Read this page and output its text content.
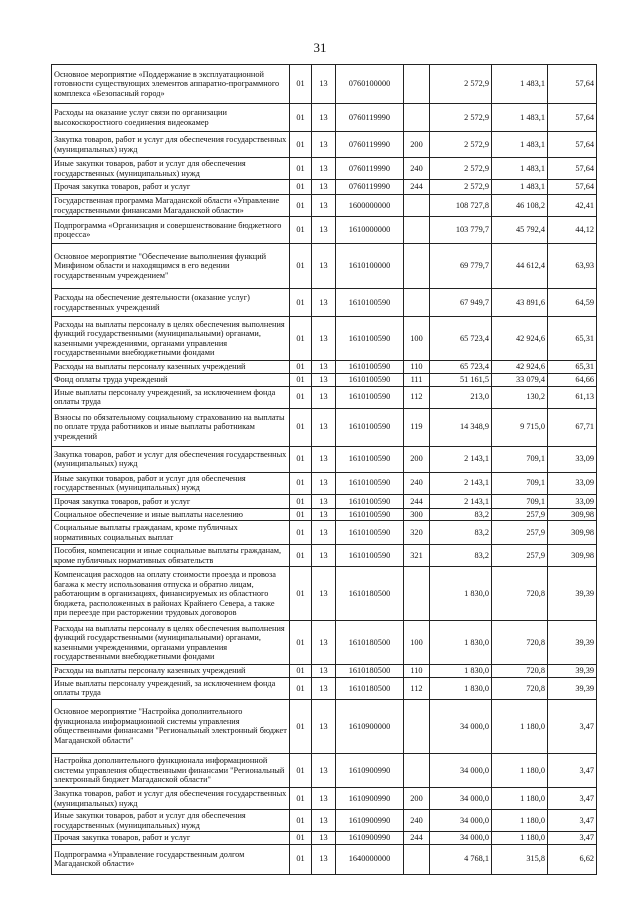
31
Основное мероприятие «Поддержание в эксплуатационной готовности существующих элементов аппаратно-программного комплекса «Безопасный город»	01	13	0760100000		2 572,9	1 483,1	57,64
Расходы на оказание услуг связи по организации высокоскоростного соединения видеокамер	01	13	0760119990		2 572,9	1 483,1	57,64
Закупка товаров, работ и услуг для обеспечения государственных (муниципальных) нужд	01	13	0760119990	200	2 572,9	1 483,1	57,64
Иные закупки товаров, работ и услуг для обеспечения государственных (муниципальных) нужд	01	13	0760119990	240	2 572,9	1 483,1	57,64
Прочая закупка товаров, работ и услуг	01	13	0760119990	244	2 572,9	1 483,1	57,64
Государственная программа Магаданской области «Управление государственными финансами Магаданской области»	01	13	1600000000		108 727,8	46 108,2	42,41
Подпрограмма «Организация и совершенствование бюджетного процесса»	01	13	1610000000		103 779,7	45 792,4	44,12
Основное мероприятие "Обеспечение выполнения функций Минфином области и находящимся в его ведении государственным учреждением"	01	13	1610100000		69 779,7	44 612,4	63,93
Расходы на обеспечение деятельности (оказание услуг) государственных учреждений	01	13	1610100590		67 949,7	43 891,6	64,59
Расходы на выплаты персоналу в целях обеспечения выполнения функций государственными (муниципальными) органами, казенными учреждениями, органами управления государственными внебюджетными фондами	01	13	1610100590	100	65 723,4	42 924,6	65,31
Расходы на выплаты персоналу казенных учреждений	01	13	1610100590	110	65 723,4	42 924,6	65,31
Фонд оплаты труда учреждений	01	13	1610100590	111	51 161,5	33 079,4	64,66
Иные выплаты персоналу учреждений, за исключением фонда оплаты труда	01	13	1610100590	112	213,0	130,2	61,13
Взносы по обязательному социальному страхованию на выплаты по оплате труда работников и иные выплаты работникам учреждений	01	13	1610100590	119	14 348,9	9 715,0	67,71
Закупка товаров, работ и услуг для обеспечения государственных (муниципальных) нужд	01	13	1610100590	200	2 143,1	709,1	33,09
Иные закупки товаров, работ и услуг для обеспечения государственных (муниципальных) нужд	01	13	1610100590	240	2 143,1	709,1	33,09
Прочая закупка товаров, работ и услуг	01	13	1610100590	244	2 143,1	709,1	33,09
Социальное обеспечение и иные выплаты населению	01	13	1610100590	300	83,2	257,9	309,98
Социальные выплаты гражданам, кроме публичных нормативных социальных выплат	01	13	1610100590	320	83,2	257,9	309,98
Пособия, компенсации и иные социальные выплаты гражданам, кроме публичных нормативных обязательств	01	13	1610100590	321	83,2	257,9	309,98
Компенсация расходов на оплату стоимости проезда и провоза багажа к месту использования отпуска и обратно лицам, работающим в организациях, финансируемых из областного бюджета, расположенных в районах Крайнего Севера, а также при переезде при расторжении трудовых договоров	01	13	1610180500		1 830,0	720,8	39,39
Расходы на выплаты персоналу в целях обеспечения выполнения функций государственными (муниципальными) органами, казенными учреждениями, органами управления государственными внебюджетными фондами	01	13	1610180500	100	1 830,0	720,8	39,39
Расходы на выплаты персоналу казенных учреждений	01	13	1610180500	110	1 830,0	720,8	39,39
Иные выплаты персоналу учреждений, за исключением фонда оплаты труда	01	13	1610180500	112	1 830,0	720,8	39,39
Основное мероприятие "Настройка дополнительного функционала информационной системы управления общественными финансами "Региональный электронный бюджет Магаданской области"	01	13	1610900000		34 000,0	1 180,0	3,47
Настройка дополнительного функционала информационной системы управления общественными финансами "Региональный электронный бюджет Магаданской области"	01	13	1610900990		34 000,0	1 180,0	3,47
Закупка товаров, работ и услуг для обеспечения государственных (муниципальных) нужд	01	13	1610900990	200	34 000,0	1 180,0	3,47
Иные закупки товаров, работ и услуг для обеспечения государственных (муниципальных) нужд	01	13	1610900990	240	34 000,0	1 180,0	3,47
Прочая закупка товаров, работ и услуг	01	13	1610900990	244	34 000,0	1 180,0	3,47
Подпрограмма «Управление государственным долгом Магаданской области»	01	13	1640000000		4 768,1	315,8	6,62
